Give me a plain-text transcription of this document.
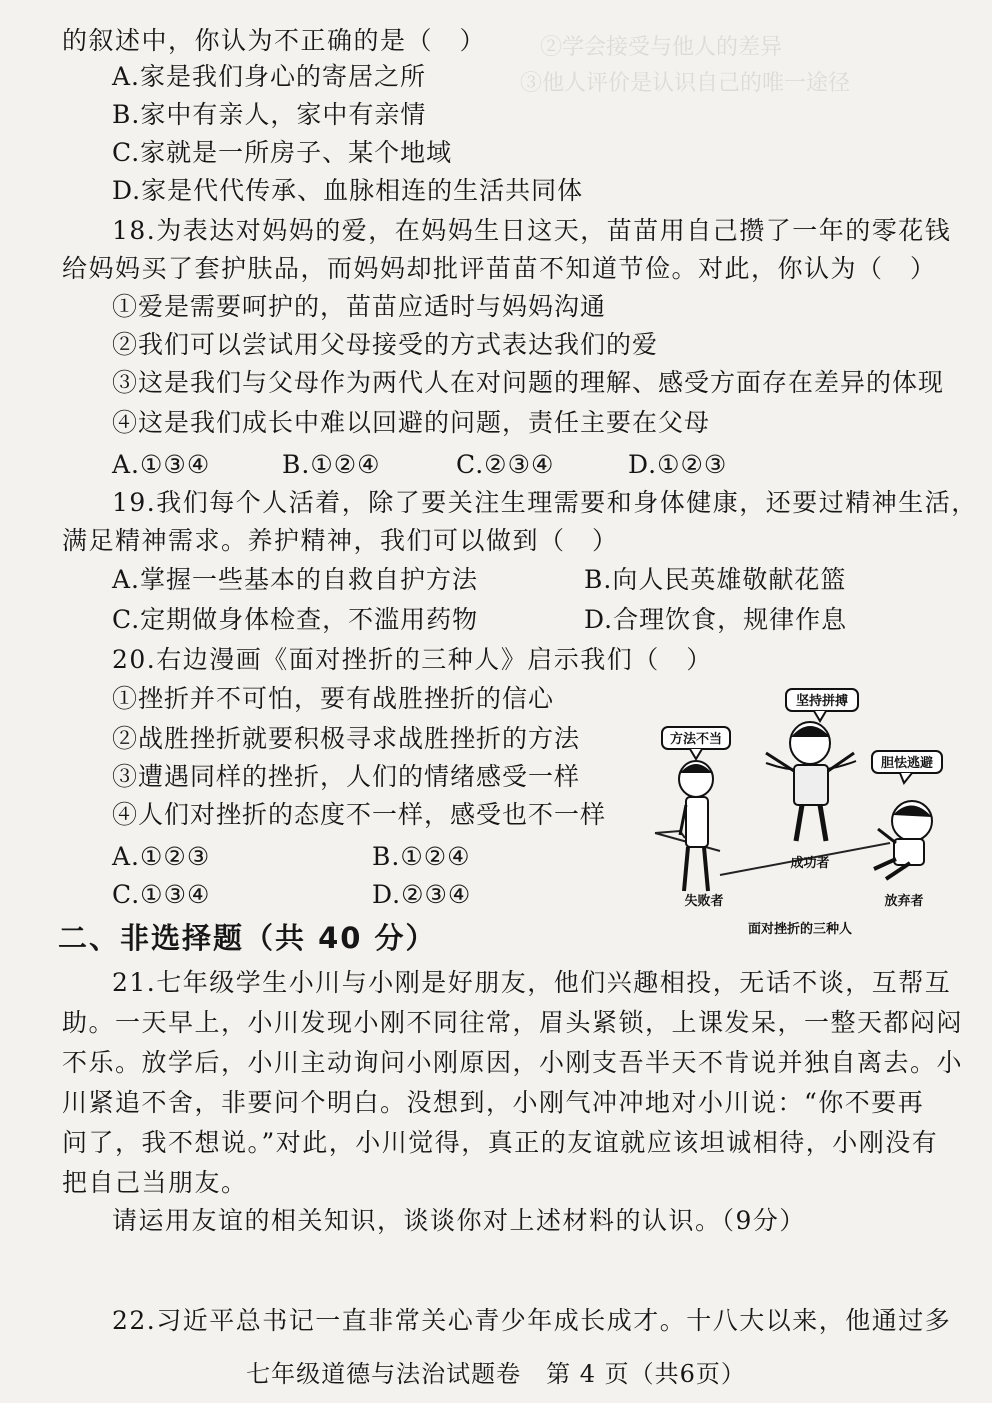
②学会接受与他人的差异
③他人评价是认识自己的唯一途径
的叙述中，你认为不正确的是（　）
A.家是我们身心的寄居之所
B.家中有亲人，家中有亲情
C.家就是一所房子、某个地域
D.家是代代传承、血脉相连的生活共同体
18.为表达对妈妈的爱，在妈妈生日这天，苗苗用自己攒了一年的零花钱
给妈妈买了套护肤品，而妈妈却批评苗苗不知道节俭。对此，你认为（　）
①爱是需要呵护的，苗苗应适时与妈妈沟通
②我们可以尝试用父母接受的方式表达我们的爱
③这是我们与父母作为两代人在对问题的理解、感受方面存在差异的体现
④这是我们成长中难以回避的问题，责任主要在父母
A.①③④	B.①②④	C.②③④	D.①②③
19.我们每个人活着，除了要关注生理需要和身体健康，还要过精神生活，
满足精神需求。养护精神，我们可以做到（　）
A.掌握一些基本的自救自护方法	B.向人民英雄敬献花篮
C.定期做身体检查，不滥用药物	D.合理饮食，规律作息
20.右边漫画《面对挫折的三种人》启示我们（　）
①挫折并不可怕，要有战胜挫折的信心
②战胜挫折就要积极寻求战胜挫折的方法
③遭遇同样的挫折，人们的情绪感受一样
④人们对挫折的态度不一样，感受也不一样
A.①②③	B.①②④
C.①③④	D.②③④
方法不当
坚持拼搏
胆怯逃避
失败者
成功者
放弃者
面对挫折的三种人
二、非选择题（共 40 分）
21.七年级学生小川与小刚是好朋友，他们兴趣相投，无话不谈，互帮互
助。一天早上，小川发现小刚不同往常，眉头紧锁，上课发呆，一整天都闷闷
不乐。放学后，小川主动询问小刚原因，小刚支吾半天不肯说并独自离去。小
川紧追不舍，非要问个明白。没想到，小刚气冲冲地对小川说：“你不要再
问了，我不想说。”对此，小川觉得，真正的友谊就应该坦诚相待，小刚没有
把自己当朋友。
请运用友谊的相关知识，谈谈你对上述材料的认识。（9分）
22.习近平总书记一直非常关心青少年成长成才。十八大以来，他通过多
七年级道德与法治试题卷　第 4 页（共6页）
